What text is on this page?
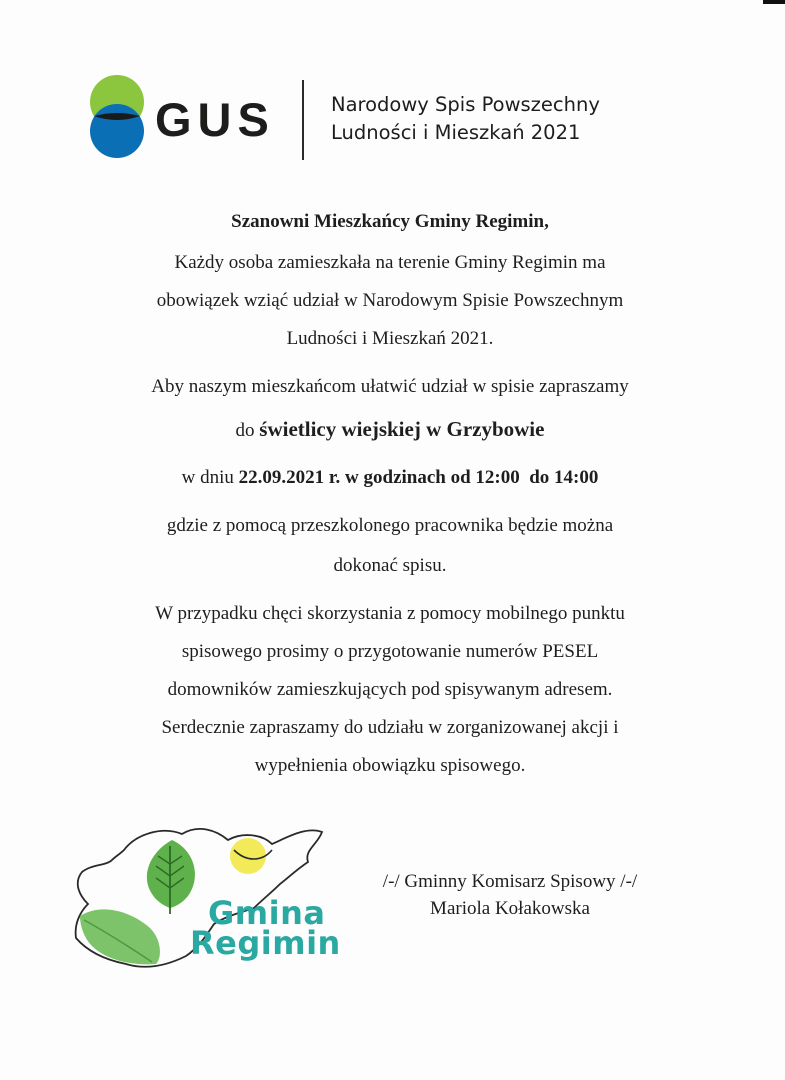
GUS	Narodowy Spis Powszechny
Ludności i Mieszkań 2021
Szanowni Mieszkańcy Gminy Regimin,
Każdy osoba zamieszkała na terenie Gminy Regimin ma
obowiązek wziąć udział w Narodowym Spisie Powszechnym
Ludności i Mieszkań 2021.
Aby naszym mieszkańcom ułatwić udział w spisie zapraszamy
do świetlicy wiejskiej w Grzybowie
w dniu 22.09.2021 r. w godzinach od 12:00  do 14:00
gdzie z pomocą przeszkolonego pracownika będzie można
dokonać spisu.
W przypadku chęci skorzystania z pomocy mobilnego punktu
spisowego prosimy o przygotowanie numerów PESEL
domowników zamieszkujących pod spisywanym adresem.
Serdecznie zapraszamy do udziału w zorganizowanej akcji i
wypełnienia obowiązku spisowego.
Gmina
Regimin
/-/ Gminny Komisarz Spisowy /-/
Mariola Kołakowska
